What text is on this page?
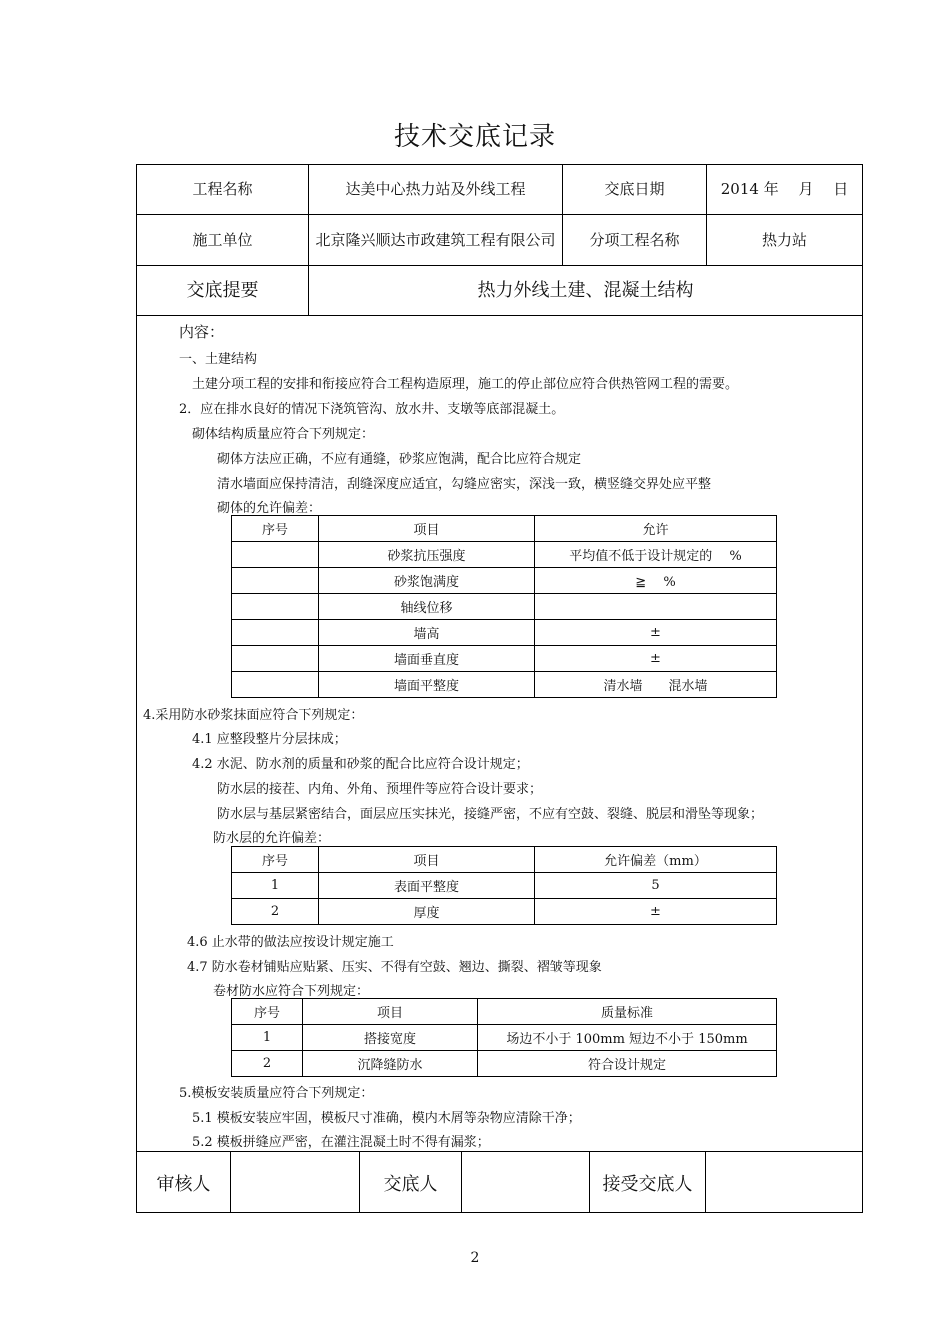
技术交底记录
工程名称	达美中心热力站及外线工程	交底日期	2014 年　 月　 日
施工单位	北京隆兴顺达市政建筑工程有限公司	分项工程名称	热力站
交底提要	热力外线土建、混凝土结构
内容：
一、土建结构
土建分项工程的安排和衔接应符合工程构造原理，施工的停止部位应符合供热管网工程的需要。
2．应在排水良好的情况下浇筑管沟、放水井、支墩等底部混凝土。
砌体结构质量应符合下列规定：
砌体方法应正确，不应有通缝，砂浆应饱满，配合比应符合规定
清水墙面应保持清洁，刮缝深度应适宜，勾缝应密实，深浅一致，横竖缝交界处应平整
砌体的允许偏差：
序号	项目	允许
	砂浆抗压强度	平均值不低于设计规定的　 %
	砂浆饱满度	≧　 %
	轴线位移	
	墙高	±
	墙面垂直度	±
	墙面平整度	清水墙　　混水墙
4.采用防水砂浆抹面应符合下列规定：
4.1 应整段整片分层抹成；
4.2 水泥、防水剂的质量和砂浆的配合比应符合设计规定；
防水层的接茬、内角、外角、预埋件等应符合设计要求；
防水层与基层紧密结合，面层应压实抹光，接缝严密，不应有空鼓、裂缝、脱层和滑坠等现象；
防水层的允许偏差：
序号	项目	允许偏差（mm）
1	表面平整度	5
2	厚度	±
4.6 止水带的做法应按设计规定施工
4.7 防水卷材铺贴应贴紧、压实、不得有空鼓、翘边、撕裂、褶皱等现象
卷材防水应符合下列规定：
序号	项目	质量标准
1	搭接宽度	场边不小于 100mm 短边不小于 150mm
2	沉降缝防水	符合设计规定
5.模板安装质量应符合下列规定：
5.1 模板安装应牢固，模板尺寸准确，模内木屑等杂物应清除干净；
5.2 模板拼缝应严密，在灌注混凝土时不得有漏浆；
审核人	交底人	接受交底人
2
